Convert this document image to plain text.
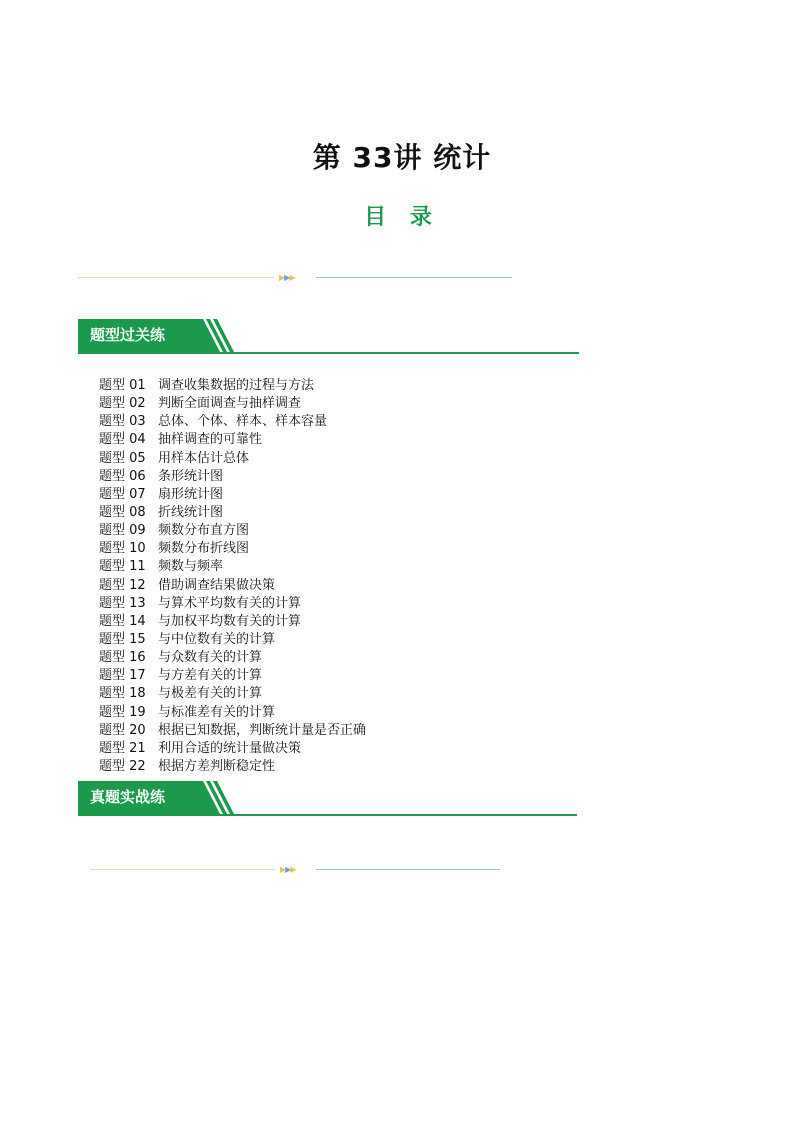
第 33讲 统计
目 录
▶▶▶
题型过关练
题型 01 调查收集数据的过程与方法
题型 02 判断全面调查与抽样调查
题型 03 总体、个体、样本、样本容量
题型 04 抽样调查的可靠性
题型 05 用样本估计总体
题型 06 条形统计图
题型 07 扇形统计图
题型 08 折线统计图
题型 09 频数分布直方图
题型 10 频数分布折线图
题型 11 频数与频率
题型 12 借助调查结果做决策
题型 13 与算术平均数有关的计算
题型 14 与加权平均数有关的计算
题型 15 与中位数有关的计算
题型 16 与众数有关的计算
题型 17 与方差有关的计算
题型 18 与极差有关的计算
题型 19 与标准差有关的计算
题型 20 根据已知数据，判断统计量是否正确
题型 21 利用合适的统计量做决策
题型 22 根据方差判断稳定性
真题实战练
▶▶▶
